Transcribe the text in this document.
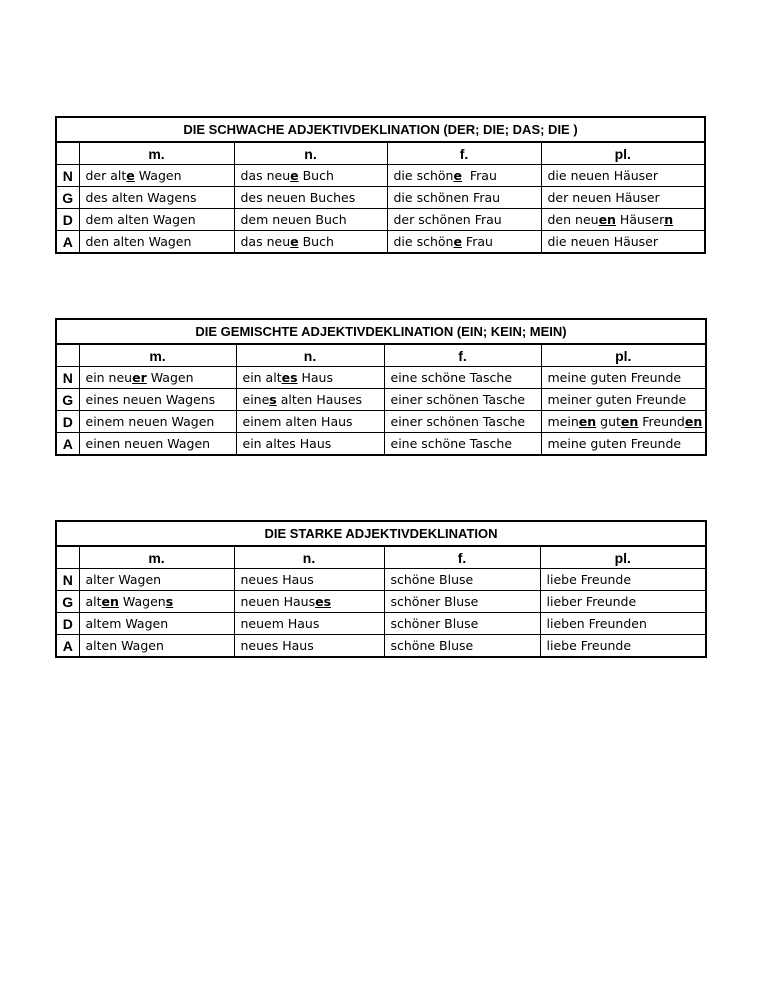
DIE SCHWACHE ADJEKTIVDEKLINATION (DER; DIE; DAS; DIE )				
	m.	n.	f.	pl.
N	der alte Wagen	das neue Buch	die schöne  Frau	die neuen Häuser
G	des alten Wagens	des neuen Buches	die schönen Frau	der neuen Häuser
D	dem alten Wagen	dem neuen Buch	der schönen Frau	den neuen Häusern
A	den alten Wagen	das neue Buch	die schöne Frau	die neuen Häuser
DIE GEMISCHTE ADJEKTIVDEKLINATION (EIN; KEIN; MEIN)				
	m.	n.	f.	pl.
N	ein neuer Wagen	ein altes Haus	eine schöne Tasche	meine guten Freunde
G	eines neuen Wagens	eines alten Hauses	einer schönen Tasche	meiner guten Freunde
D	einem neuen Wagen	einem alten Haus	einer schönen Tasche	meinen guten Freunden
A	einen neuen Wagen	ein altes Haus	eine schöne Tasche	meine guten Freunde
DIE STARKE ADJEKTIVDEKLINATION				
	m.	n.	f.	pl.
N	alter Wagen	neues Haus	schöne Bluse	liebe Freunde
G	alten Wagens	neuen Hauses	schöner Bluse	lieber Freunde
D	altem Wagen	neuem Haus	schöner Bluse	lieben Freunden
A	alten Wagen	neues Haus	schöne Bluse	liebe Freunde
